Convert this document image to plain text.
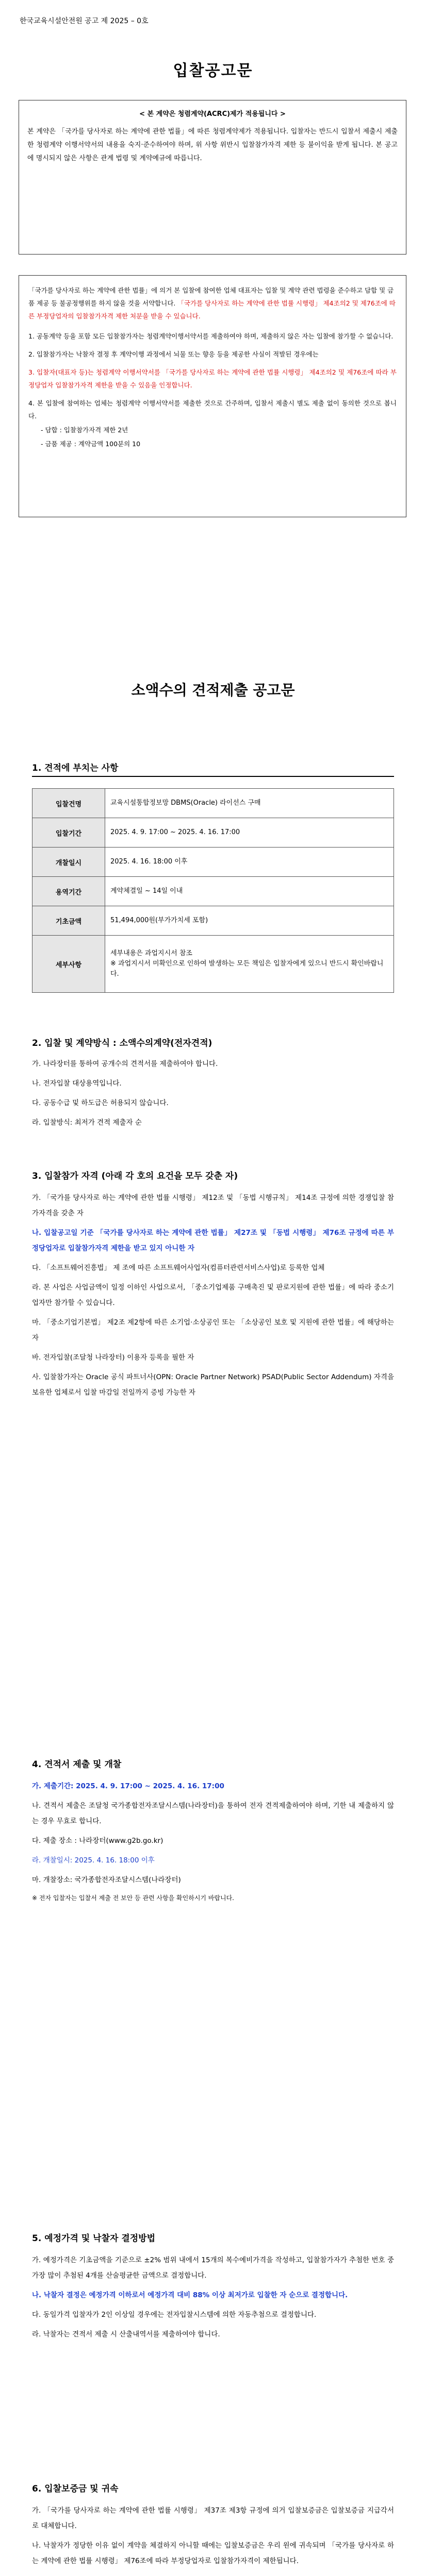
한국교육시설안전원 공고 제 2025 – 0호
입찰공고문
< 본 계약은 청렴계약(ACRC)제가 적용됩니다 >
본 계약은 「국가를 당사자로 하는 계약에 관한 법률」에 따른 청렴계약제가 적용됩니다. 입찰자는 반드시 입찰서 제출시 제출한 청렴계약 이행서약서의 내용을 숙지·준수하여야 하며, 위 사항 위반시 입찰참가자격 제한 등 불이익을 받게 됩니다. 본 공고에 명시되지 않은 사항은 관계 법령 및 계약예규에 따릅니다.

「국가를 당사자로 하는 계약에 관한 법률」에 의거 본 입찰에 참여한 업체 대표자는 입찰 및 계약 관련 법령을 준수하고 담합 및 금품 제공 등 불공정행위를 하지 않을 것을 서약합니다. 「국가를 당사자로 하는 계약에 관한 법률 시행령」 제4조의2 및 제76조에 따른 부정당업자의 입찰참가자격 제한 처분을 받을 수 있습니다.

1. 공동계약 등을 포함 모든 입찰참가자는 청렴계약이행서약서를 제출하여야 하며, 제출하지 않은 자는 입찰에 참가할 수 없습니다.
2. 입찰참가자는 낙찰자 결정 후 계약이행 과정에서 뇌물 또는 향응 등을 제공한 사실이 적발된 경우에는
3. 입찰자(대표자 등)는 청렴계약 이행서약서를 「국가를 당사자로 하는 계약에 관한 법률 시행령」 제4조의2 및 제76조에 따라 부정당업자 입찰참가자격 제한을 받을 수 있음을 인정합니다.
4. 본 입찰에 참여하는 업체는 청렴계약 이행서약서를 제출한 것으로 간주하며, 입찰서 제출시 별도 제출 없이 동의한 것으로 봅니다.
- 담합 : 입찰참가자격 제한 2년
- 금품 제공 : 계약금액 100분의 10
소액수의 견적제출 공고문
1. 견적에 부치는 사항
입찰건명	교육시설통합정보망 DBMS(Oracle) 라이선스 구매
입찰기간	2025. 4. 9. 17:00 ~ 2025. 4. 16. 17:00
개찰일시	2025. 4. 16. 18:00 이후
용역기간	계약체결일 ~ 14일 이내
기초금액	51,494,000원(부가가치세 포함)
세부사항	세부내용은 과업지시서 참조
※ 과업지시서 미확인으로 인하여 발생하는 모든 책임은 입찰자에게 있으니 반드시 확인바랍니다.
2. 입찰 및 계약방식 : 소액수의계약(전자견적)

가. 나라장터를 통하여 공개수의 견적서를 제출하여야 합니다.

나. 전자입찰 대상용역입니다.

다. 공동수급 및 하도급은 허용되지 않습니다.

라. 입찰방식: 최저가 견적 제출자 순

3. 입찰참가 자격 (아래 각 호의 요건을 모두 갖춘 자)

가. 「국가를 당사자로 하는 계약에 관한 법률 시행령」 제12조 및 「동법 시행규칙」 제14조 규정에 의한 경쟁입찰 참가자격을 갖춘 자

나. 입찰공고일 기준 「국가를 당사자로 하는 계약에 관한 법률」 제27조 및 「동법 시행령」 제76조 규정에 따른 부정당업자로 입찰참가자격 제한을 받고 있지 아니한 자

다. 「소프트웨어진흥법」 제 조에 따른 소프트웨어사업자(컴퓨터관련서비스사업)로 등록한 업체

라. 본 사업은 사업금액이 일정 이하인 사업으로서, 「중소기업제품 구매촉진 및 판로지원에 관한 법률」에 따라 중소기업자만 참가할 수 있습니다.

마. 「중소기업기본법」 제2조 제2항에 따른 소기업·소상공인 또는 「소상공인 보호 및 지원에 관한 법률」에 해당하는 자

바. 전자입찰(조달청 나라장터) 이용자 등록을 필한 자

사. 입찰참가자는 Oracle 공식 파트너사(OPN: Oracle Partner Network) PSAD(Public Sector Addendum) 자격을 보유한 업체로서 입찰 마감일 전일까지 증빙 가능한 자

4. 견적서 제출 및 개찰

가. 제출기간: 2025. 4. 9. 17:00 ~ 2025. 4. 16. 17:00

나. 견적서 제출은 조달청 국가종합전자조달시스템(나라장터)을 통하여 전자 견적제출하여야 하며, 기한 내 제출하지 않는 경우 무효로 합니다.

다. 제출 장소 : 나라장터(www.g2b.go.kr)

라. 개찰일시: 2025. 4. 16. 18:00 이후

마. 개찰장소: 국가종합전자조달시스템(나라장터)

※ 전자 입찰자는 입찰서 제출 전 보안 등 관련 사항을 확인하시기 바랍니다.

5. 예정가격 및 낙찰자 결정방법

가. 예정가격은 기초금액을 기준으로 ±2% 범위 내에서 15개의 복수예비가격을 작성하고, 입찰참가자가 추첨한 번호 중 가장 많이 추첨된 4개를 산술평균한 금액으로 결정합니다.

나. 낙찰자 결정은 예정가격 이하로서 예정가격 대비 88% 이상 최저가로 입찰한 자 순으로 결정합니다.

다. 동일가격 입찰자가 2인 이상일 경우에는 전자입찰시스템에 의한 자동추첨으로 결정합니다.

라. 낙찰자는 견적서 제출 시 산출내역서를 제출하여야 합니다.

6. 입찰보증금 및 귀속

가. 「국가를 당사자로 하는 계약에 관한 법률 시행령」 제37조 제3항 규정에 의거 입찰보증금은 입찰보증금 지급각서로 대체합니다.

나. 낙찰자가 정당한 이유 없이 계약을 체결하지 아니할 때에는 입찰보증금은 우리 원에 귀속되며 「국가를 당사자로 하는 계약에 관한 법률 시행령」 제76조에 따라 부정당업자로 입찰참가자격이 제한됩니다.
